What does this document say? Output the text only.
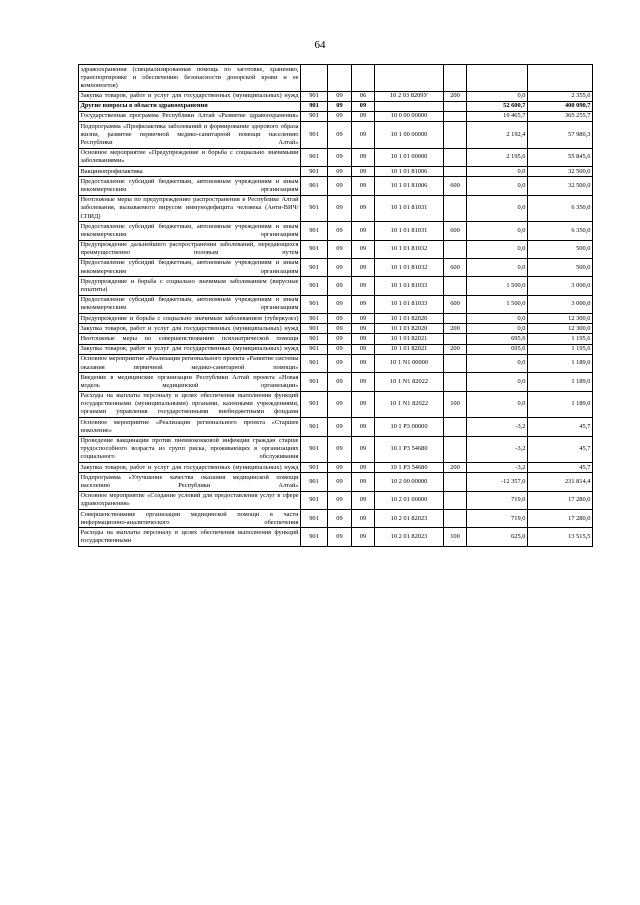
64
здравоохранения (специализированная помощь по заготовке, хранению, транспортировке и обеспечению безопасности донорской крови и ее компонентов)							

Закупка товаров, работ и услуг для государственных (муниципальных) нужд	901	09	06	10 2 03 8209У	200	0,0	2 355,0

Другие вопросы в области здравоохранения	901	09	09			52 600,7	400 090,7

Государственная программа Республики Алтай «Развитие здравоохранения»	901	09	09	10 0 00 00000		19 465,7	365 255,7

Подпрограмма «Профилактика заболеваний и формирование здорового образа жизни, развитие первичной медико-санитарной помощи населению Республики Алтай»	901	09	09	10 1 00 00000		2 192,4	57 980,3

Основное мероприятие «Предупреждение и борьба с социально значимыми заболеваниями»	901	09	09	10 1 01 00000		2 195,6	55 845,6

Вакцинопрофилактика	901	09	09	10 1 01 81006		0,0	32 500,0

Предоставление субсидий бюджетным, автономным учреждениям и иным некоммерческим организациям	901	09	09	10 1 01 81006	600	0,0	32 500,0

Неотложные меры по предупреждению распространения в Республике Алтай заболевания, вызываемого вирусом иммунодефицита человека (Анти-ВИЧ/СПИД)	901	09	09	10 1 01 81031		0,0	6 350,0

Предоставление субсидий бюджетным, автономным учреждениям и иным некоммерческим организациям	901	09	09	10 1 01 81031	600	0,0	6 350,0

Предупреждение дальнейшего распространения заболеваний, передающихся преимущественно половым путем	901	09	09	10 1 01 81032		0,0	500,0

Предоставление субсидий бюджетным, автономным учреждениям и иным некоммерческим организациям	901	09	09	10 1 01 81032	600	0,0	500,0

Предупреждение и борьба с социально значимым заболеванием (вирусные гепатиты)	901	09	09	10 1 01 81033		1 500,0	3 000,0

Предоставление субсидий бюджетным, автономным учреждениям и иным некоммерческим организациям	901	09	09	10 1 01 81033	600	1 500,0	3 000,0

Предупреждение и борьба с социально значимым заболеванием (туберкулез)	901	09	09	10 1 01 82020		0,0	12 300,0

Закупка товаров, работ и услуг для государственных (муниципальных) нужд	901	09	09	10 1 01 82020	200	0,0	12 300,0

Неотложные меры по совершенствованию психиатрической помощи	901	09	09	10 1 01 82021		695,6	1 195,6

Закупка товаров, работ и услуг для государственных (муниципальных) нужд	901	09	09	10 1 01 82021	200	695,6	1 195,6

Основное мероприятие «Реализация регионального проекта «Развитие системы оказания первичной медико-санитарной помощи»	901	09	09	10 1 N1 00000		0,0	1 189,0

Введение в медицинские организации Республики Алтай проекта «Новая модель медицинской организации»	901	09	09	10 1 N1 82022		0,0	1 189,0

Расходы на выплаты персоналу в целях обеспечения выполнения функций государственными (муниципальными) органами, казенными учреждениями, органами управления государственными внебюджетными фондами	901	09	09	10 1 N1 82022	100	0,0	1 189,0

Основное мероприятие «Реализация регионального проекта «Старшее поколение»	901	09	09	10 1 P3 00000		-3,2	45,7

Проведение вакцинации против пневмококковой инфекции граждан старше трудоспособного возраста из групп риска, проживающих в организациях социального обслуживания	901	09	09	10 1 P3 54680		-3,2	45,7

Закупка товаров, работ и услуг для государственных (муниципальных) нужд	901	09	09	10 1 P3 54680	200	-3,2	45,7

Подпрограмма «Улучшение качества оказания медицинской помощи населению Республики Алтай»	901	09	09	10 2 00 00000		-12 357,0	231 814,4

Основное мероприятие «Создание условий для предоставления услуг в сфере здравоохранения»	901	09	09	10 2 01 00000		719,0	17 280,0

Совершенствование организации медицинской помощи в части информационно-аналитического обеспечения	901	09	09	10 2 01 82023		719,0	17 280,0

Расходы на выплаты персоналу в целях обеспечения выполнения функций государственными	901	09	09	10 2 01 82023	100	625,0	13 515,5
